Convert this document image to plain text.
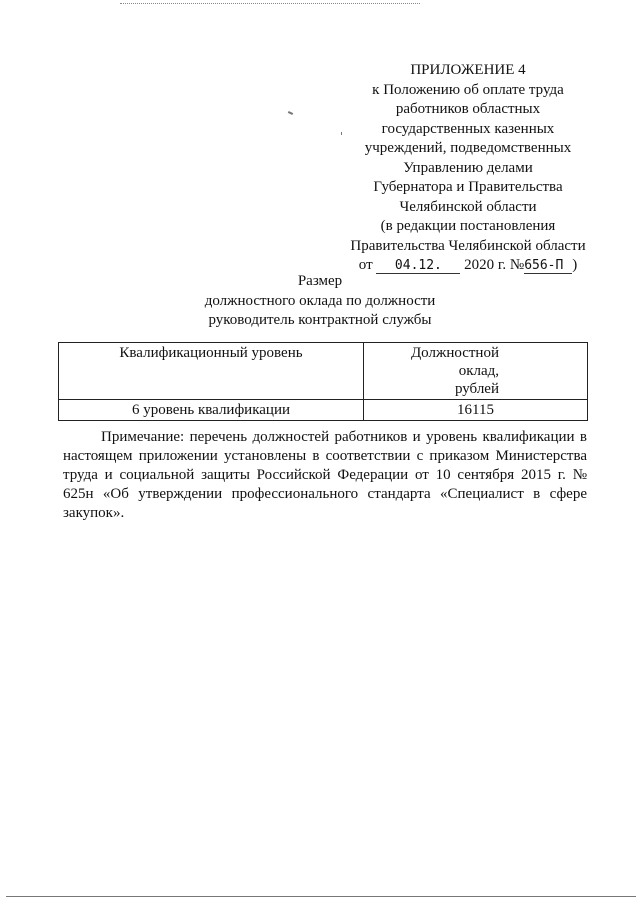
ПРИЛОЖЕНИЕ 4
к Положению об оплате труда
работников областных
государственных казенных
учреждений, подведомственных
Управлению делами
Губернатора и Правительства
Челябинской области
(в редакции постановления
Правительства Челябинской области
от 04.12. 2020 г. №656-П )
Размер
должностного оклада по должности
руководитель контрактной службы
Квалификационный уровень	Должностной оклад,
рублей
6 уровень квалификации	16115

Примечание: перечень должностей работников и уровень квалификации в настоящем приложении установлены в соответствии с приказом Министерства труда и социальной защиты Российской Федерации от 10 сентября 2015 г. № 625н «Об утверждении профессионального стандарта «Специалист в сфере закупок».
